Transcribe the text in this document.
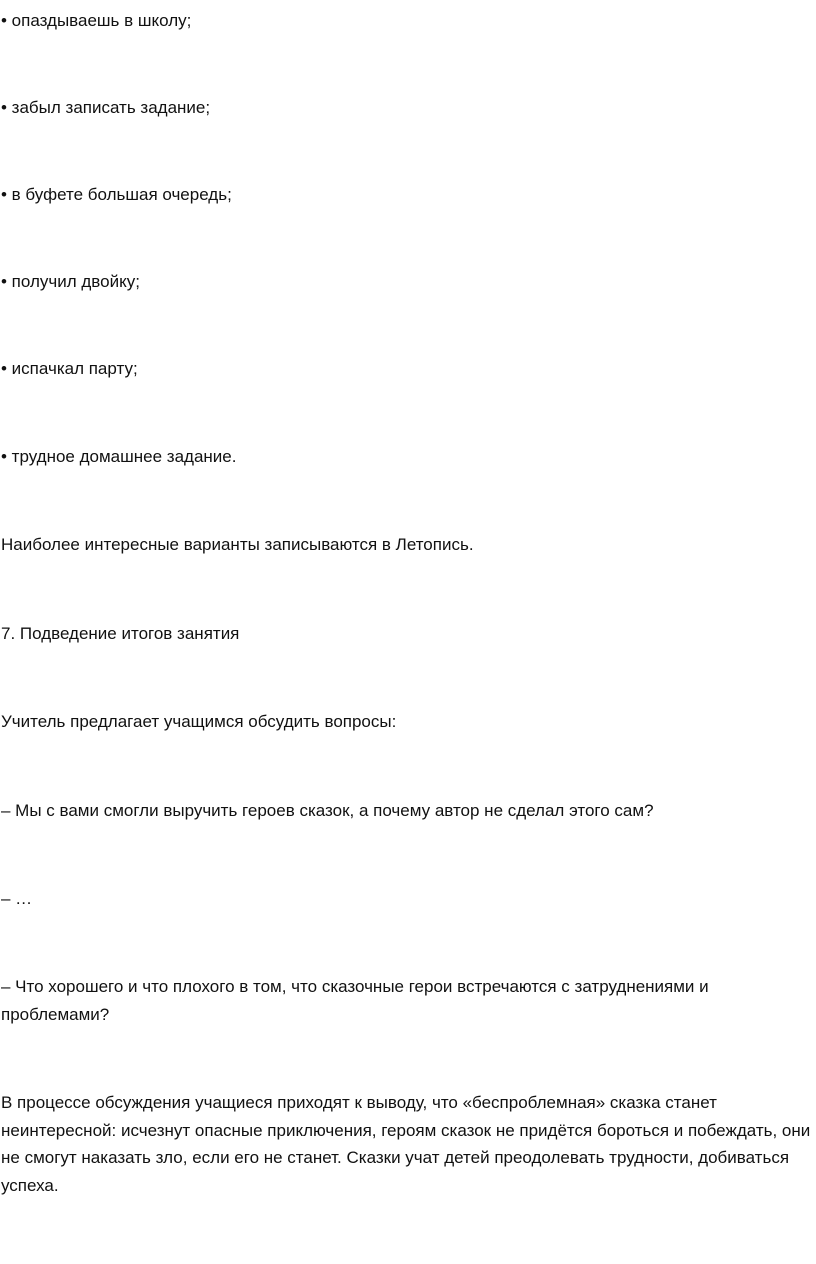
• опаздываешь в школу;

• забыл записать задание;

• в буфете большая очередь;

• получил двойку;

• испачкал парту;

• трудное домашнее задание.

Наиболее интересные варианты записываются в Летопись.

7. Подведение итогов занятия

Учитель предлагает учащимся обсудить вопросы:

– Мы с вами смогли выручить героев сказок, а почему автор не сделал этого сам?

– …

– Что хорошего и что плохого в том, что сказочные герои встречаются с затруднениями и проблемами?

В процессе обсуждения учащиеся приходят к выводу, что «беспроблемная» сказка станет неинтересной: исчезнут опасные приключения, героям сказок не придётся бороться и побеждать, они не смогут наказать зло, если его не станет. Сказки учат детей преодолевать трудности, добиваться успеха.
